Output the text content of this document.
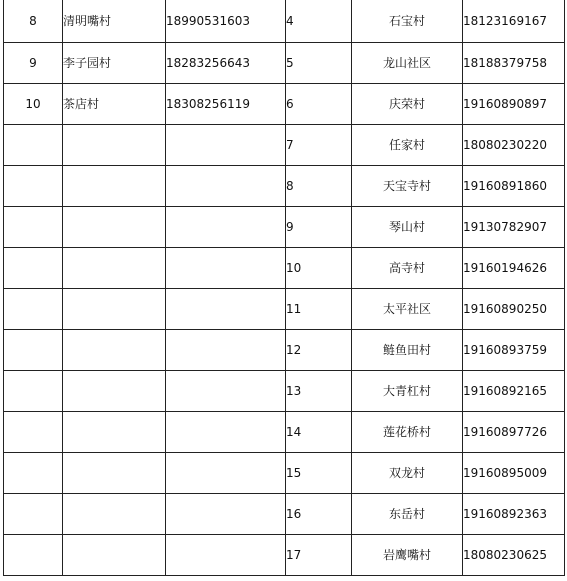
8	清明嘴村	18990531603	4	石宝村	18123169167
9	李子园村	18283256643	5	龙山社区	18188379758
10	茶店村	18308256119	6	庆荣村	19160890897
			7	任家村	18080230220
			8	天宝寺村	19160891860
			9	琴山村	19130782907
			10	高寺村	19160194626
			11	太平社区	19160890250
			12	鲢鱼田村	19160893759
			13	大青杠村	19160892165
			14	莲花桥村	19160897726
			15	双龙村	19160895009
			16	东岳村	19160892363
			17	岩鹰嘴村	18080230625
